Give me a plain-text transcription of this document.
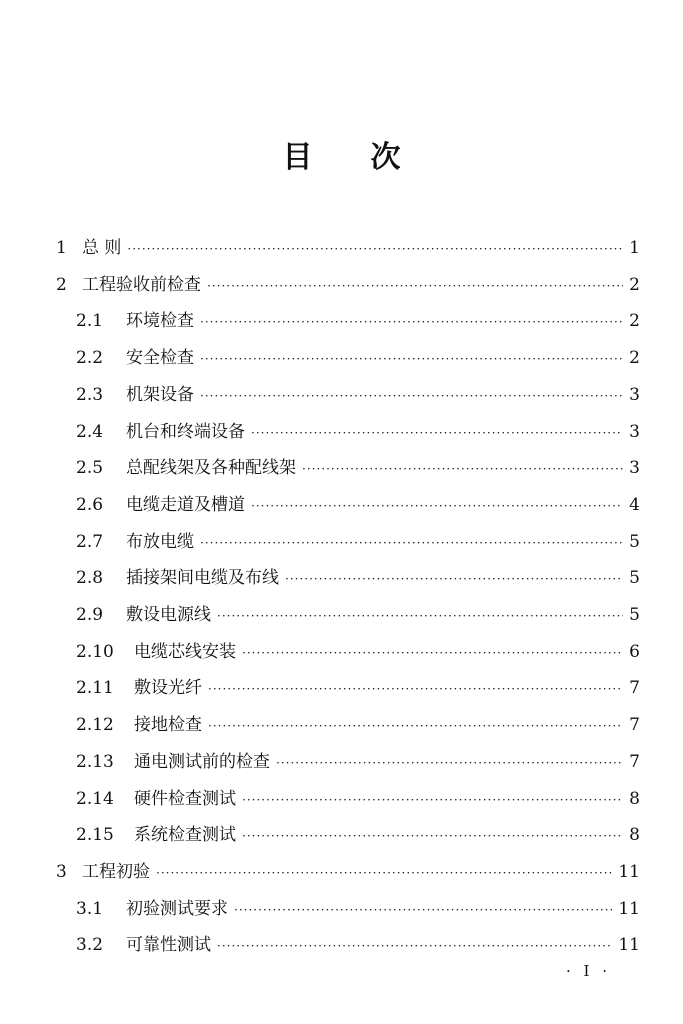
目 次
1 总 则 ·····	1
2 工程验收前检查 ·····	2
2.1	环境检查 ·····	2
2.2	安全检查 ·····	2
2.3	机架设备 ·····	3
2.4	机台和终端设备 ·····	3
2.5	总配线架及各种配线架 ·····	3
2.6	电缆走道及槽道 ·····	4
2.7	布放电缆 ·····	5
2.8	插接架间电缆及布线 ·····	5
2.9	敷设电源线 ·····	5
2.10	电缆芯线安装 ·····	6
2.11	敷设光纤 ·····	7
2.12	接地检查 ·····	7
2.13	通电测试前的检查 ·····	7
2.14	硬件检查测试 ·····	8
2.15	系统检查测试 ·····	8
3 工程初验 ·····	11
3.1	初验测试要求 ·····	11
3.2	可靠性测试 ·····	11
· I ·
